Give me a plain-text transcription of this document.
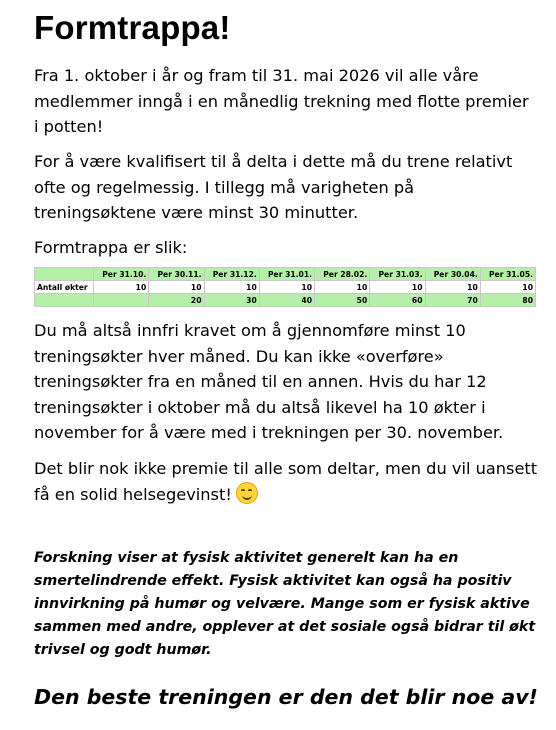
Formtrappa!

Fra 1. oktober i år og fram til 31. mai 2026 vil alle våre medlemmer inngå i en månedlig trekning med flotte premier i potten!

For å være kvalifisert til å delta i dette må du trene relativt ofte og regelmessig. I tillegg må varigheten på treningsøktene være minst 30 minutter.

Formtrappa er slik:

	Per 31.10.	Per 30.11.	Per 31.12.	Per 31.01.	Per 28.02.	Per 31.03.	Per 30.04.	Per 31.05.
Antall økter	10	10	10	10	10	10	10	10
		20	30	40	50	60	70	80

Du må altså innfri kravet om å gjennomføre minst 10 treningsøkter hver måned. Du kan ikke «overføre» treningsøkter fra en måned til en annen. Hvis du har 12 treningsøkter i oktober må du altså likevel ha 10 økter i november for å være med i trekningen per 30. november.

Det blir nok ikke premie til alle som deltar, men du vil uansett få en solid helsegevinst!

Forskning viser at fysisk aktivitet generelt kan ha en smertelindrende effekt. Fysisk aktivitet kan også ha positiv innvirkning på humør og velvære. Mange som er fysisk aktive sammen med andre, opplever at det sosiale også bidrar til økt trivsel og godt humør.

Den beste treningen er den det blir noe av!
